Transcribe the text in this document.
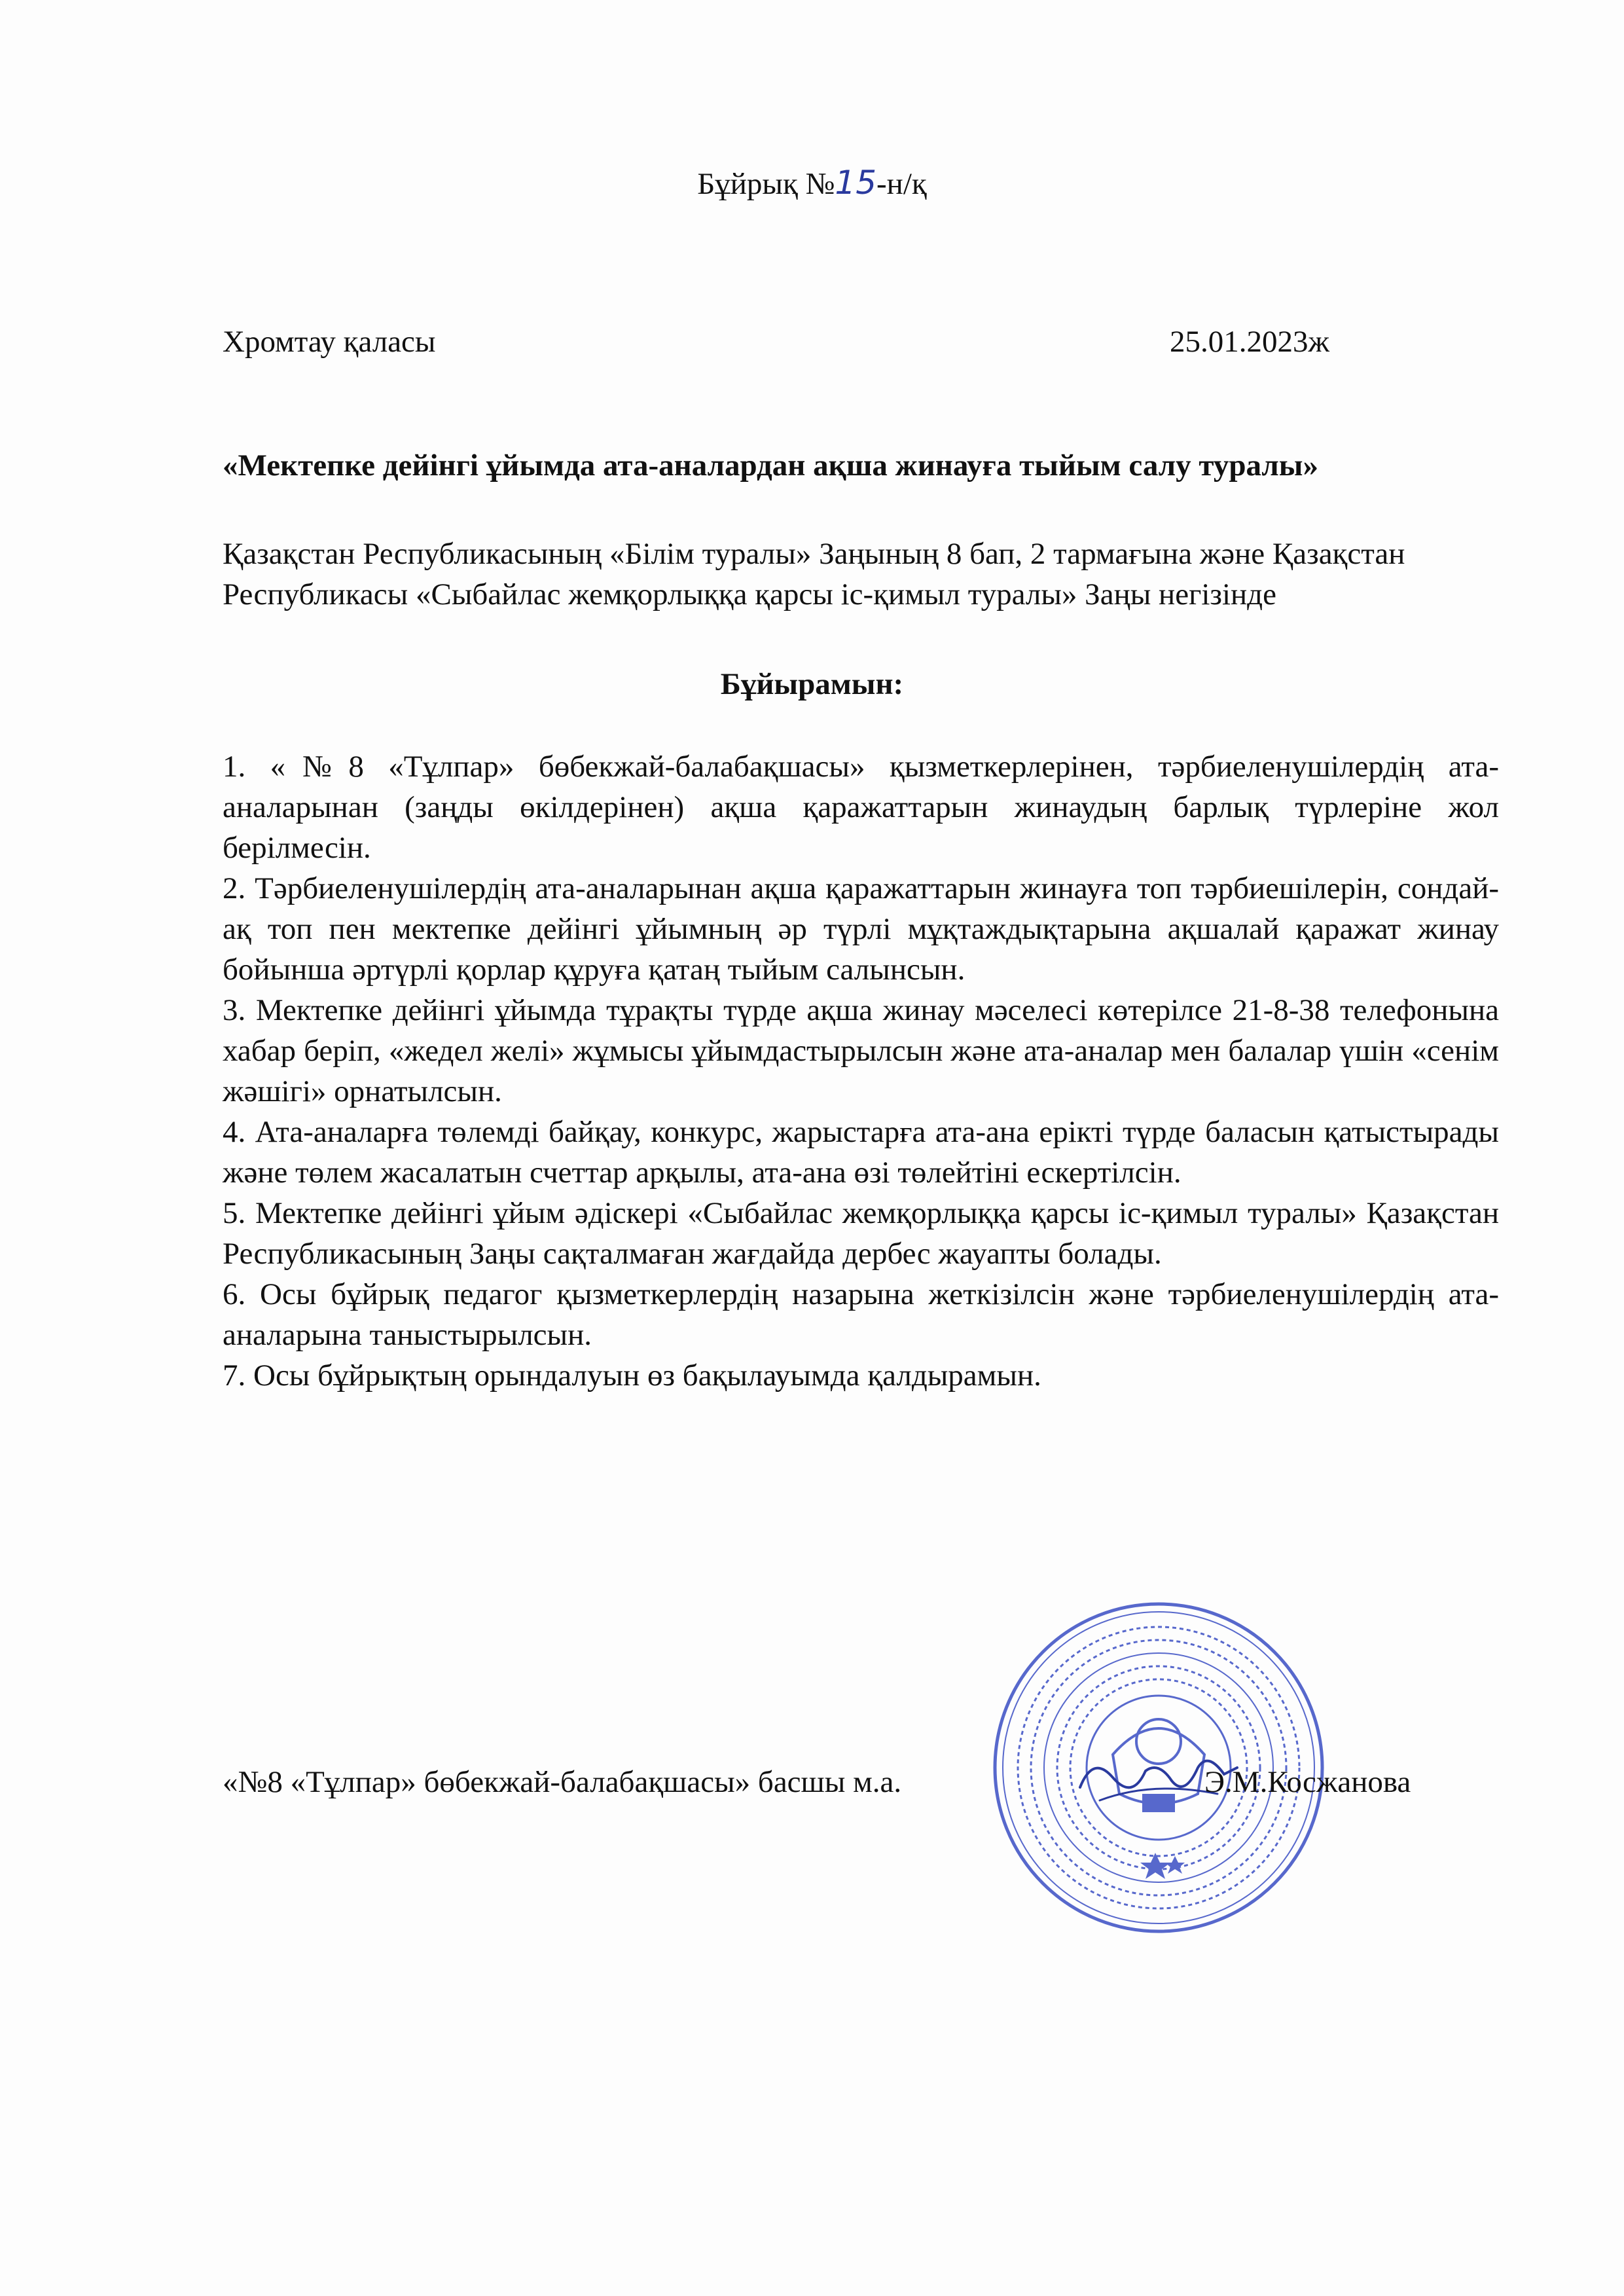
Бұйрық №15-н/қ
Хромтау қаласы	25.01.2023ж
«Мектепке дейінгі ұйымда ата-аналардан ақша жинауға тыйым салу туралы»
Қазақстан Республикасының «Білім туралы» Заңының 8 бап, 2 тармағына және Қазақстан Республикасы «Сыбайлас жемқорлыққа қарсы іс-қимыл туралы» Заңы негізінде
Бұйырамын:

1. «№8 «Тұлпар» бөбекжай-балабақшасы» қызметкерлерінен, тәрбиеленушілердің ата-аналарынан (заңды өкілдерінен) ақша қаражаттарын жинаудың барлық түрлеріне жол берілмесін.

2. Тәрбиеленушілердің ата-аналарынан ақша қаражаттарын жинауға топ тәрбиешілерін, сондай-ақ топ пен мектепке дейінгі ұйымның әр түрлі мұқтаждықтарына ақшалай қаражат жинау бойынша әртүрлі қорлар құруға қатаң тыйым салынсын.

3. Мектепке дейінгі ұйымда тұрақты түрде ақша жинау мәселесі көтерілсе 21-8-38 телефонына хабар беріп, «жедел желі» жұмысы ұйымдастырылсын және ата-аналар мен балалар үшін «сенім жәшігі» орнатылсын.

4. Ата-аналарға төлемді байқау, конкурс, жарыстарға ата-ана ерікті түрде баласын қатыстырады және төлем жасалатын счеттар арқылы, ата-ана өзі төлейтіні ескертілсін.

5. Мектепке дейінгі ұйым әдіскері «Сыбайлас жемқорлыққа қарсы іс-қимыл туралы» Қазақстан Республикасының Заңы сақталмаған жағдайда дербес жауапты болады.

6. Осы бұйрық педагог қызметкерлердің назарына жеткізілсін және тәрбиеленушілердің ата-аналарына таныстырылсын.

7. Осы бұйрықтың орындалуын өз бақылауымда қалдырамын.

«№8 «Тұлпар» бөбекжай-балабақшасы» басшы м.а.	Э.М.Косжанова
